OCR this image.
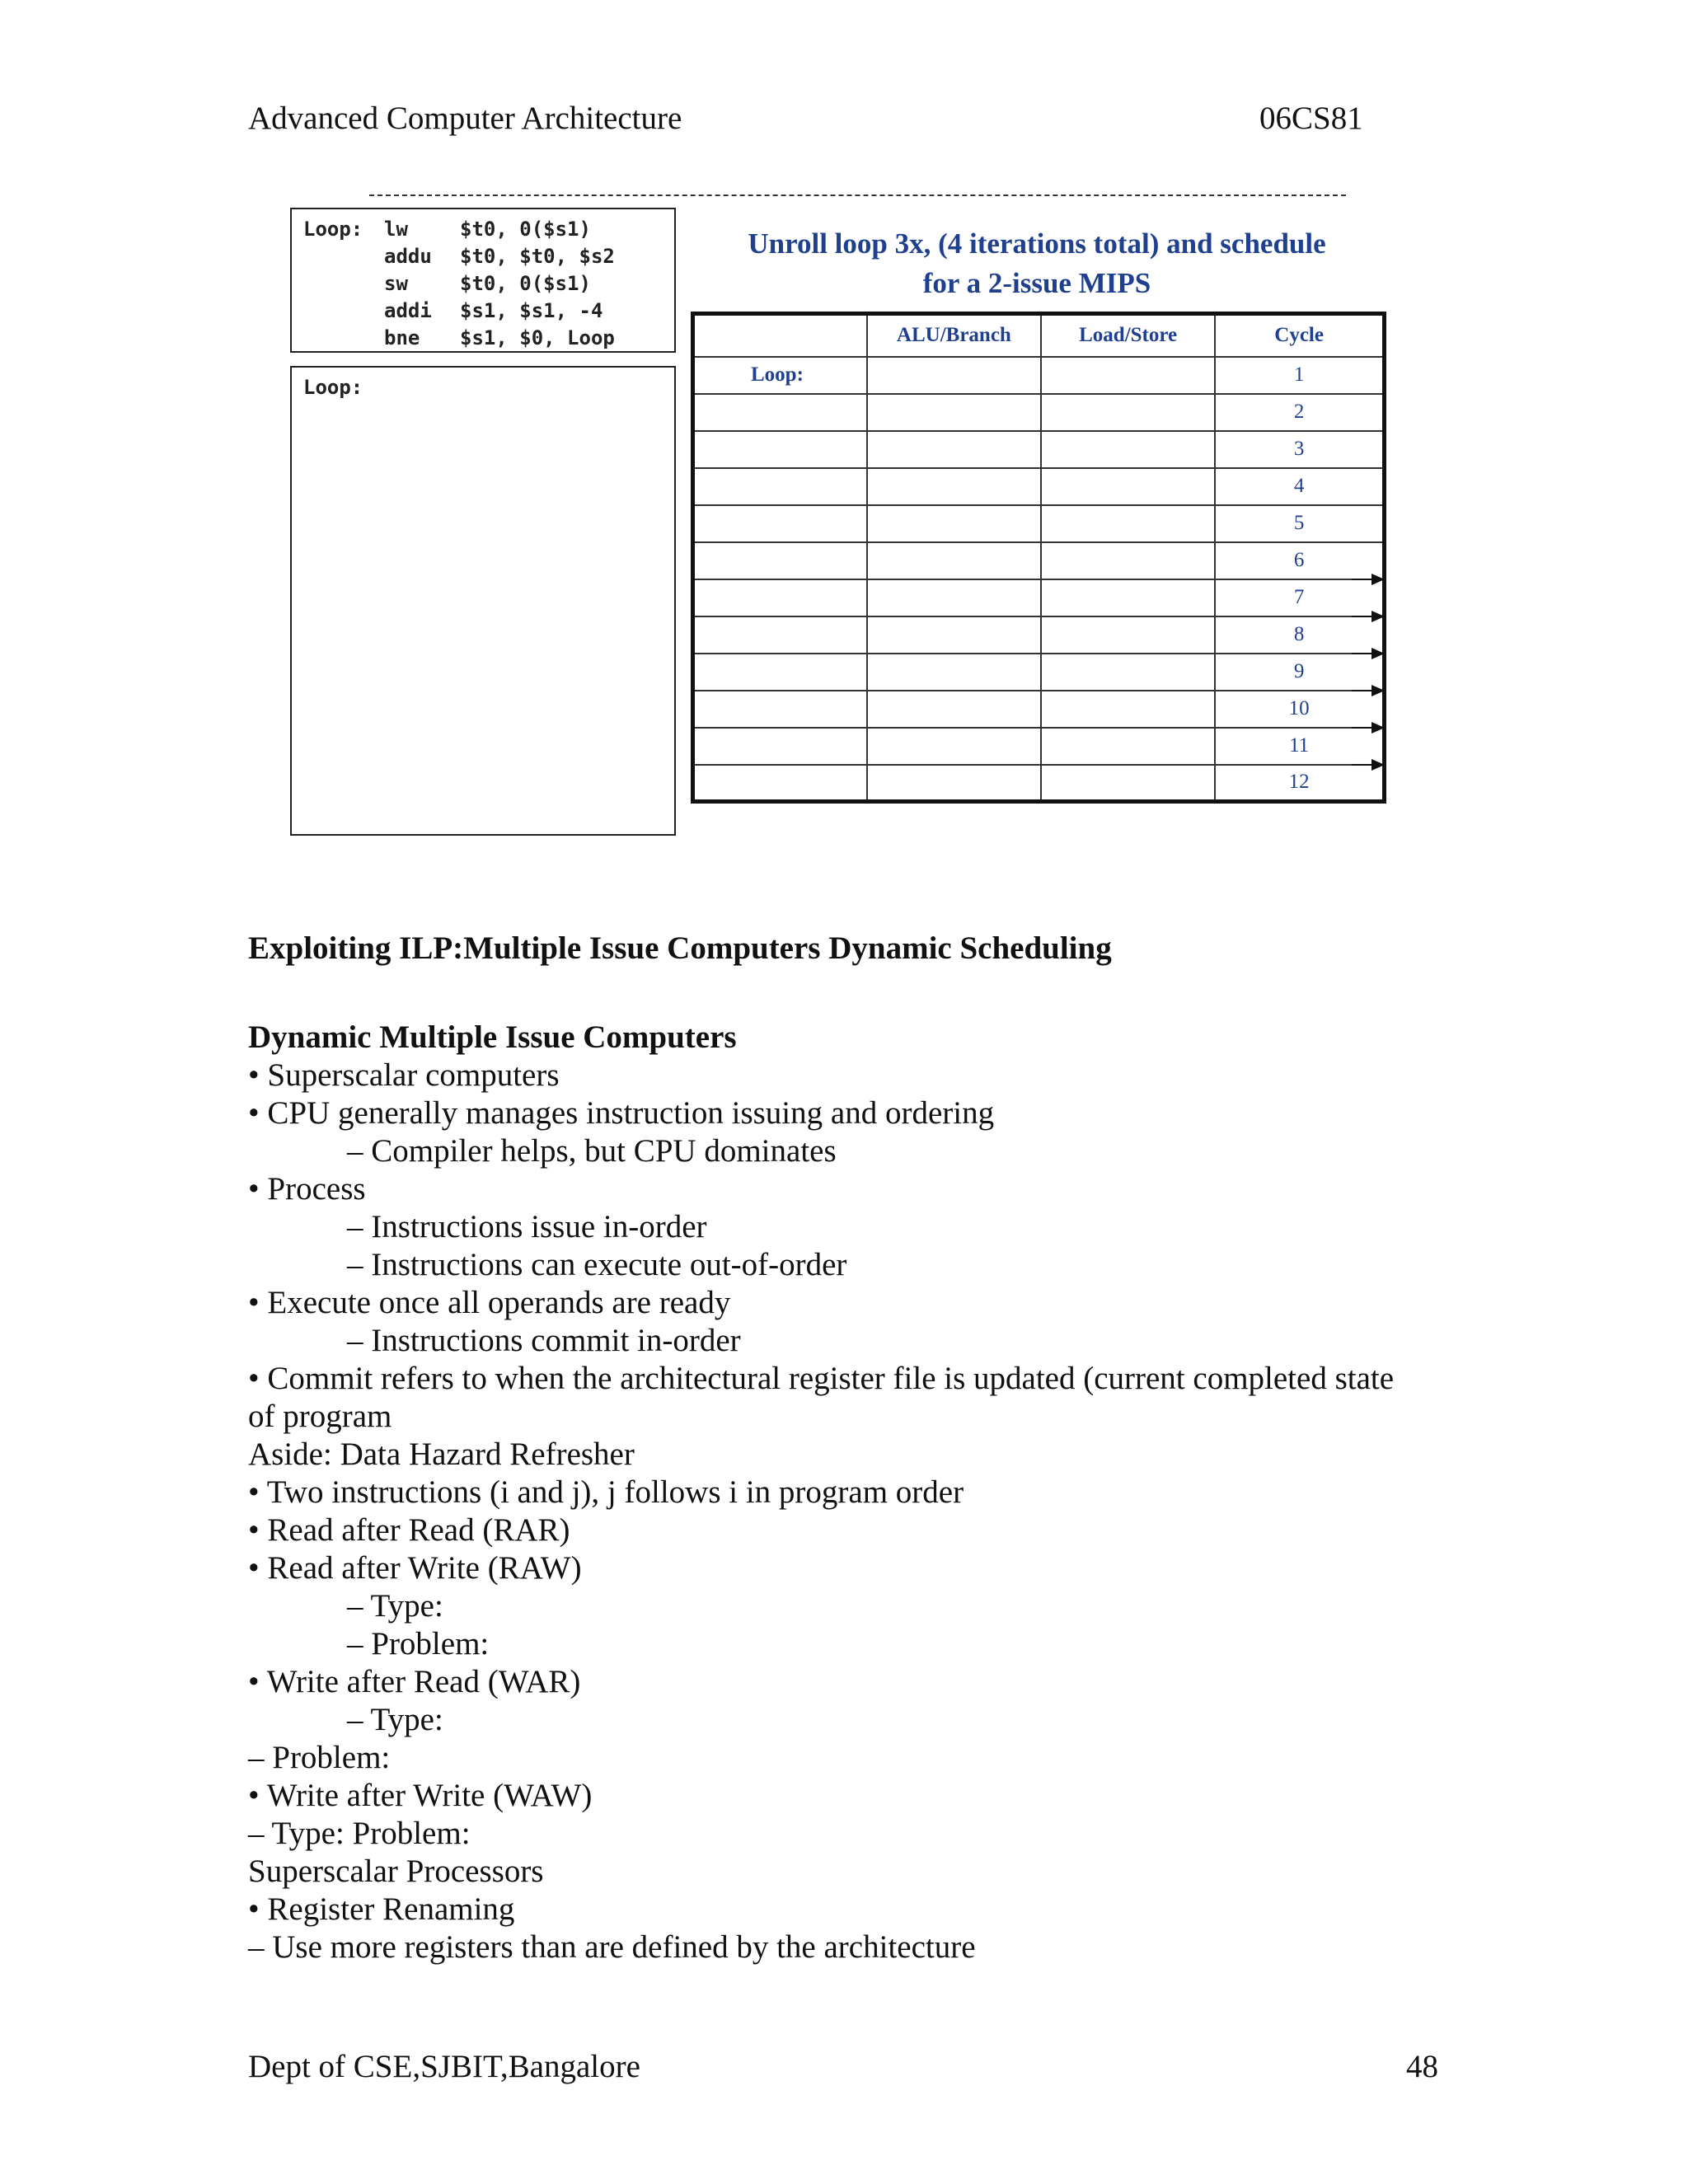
Advanced Computer Architecture	06CS81
Loop:	lw	$t0, 0($s1)
addu	$t0, $t0, $s2
sw	$t0, 0($s1)
addi	$s1, $s1, -4
bne	$s1, $0, Loop
Loop:
Unroll loop 3x, (4 iterations total) and schedule
for a 2-issue MIPS
	ALU/Branch	Load/Store	Cycle
Loop:			1
			2
			3
			4
			5
			6
			7
			8
			9
			10
			11
			12
Exploiting ILP:Multiple Issue Computers Dynamic Scheduling
Dynamic Multiple Issue Computers
• Superscalar computers
• CPU generally manages instruction issuing and ordering
– Compiler helps, but CPU dominates
• Process
– Instructions issue in-order
– Instructions can execute out-of-order
• Execute once all operands are ready
– Instructions commit in-order
• Commit refers to when the architectural register file is updated (current completed state
of program
Aside: Data Hazard Refresher
• Two instructions (i and j), j follows i in program order
• Read after Read (RAR)
• Read after Write (RAW)
– Type:
– Problem:
• Write after Read (WAR)
– Type:
– Problem:
• Write after Write (WAW)
– Type: Problem:
Superscalar Processors
• Register Renaming
– Use more registers than are defined by the architecture
Dept of CSE,SJBIT,Bangalore	48
